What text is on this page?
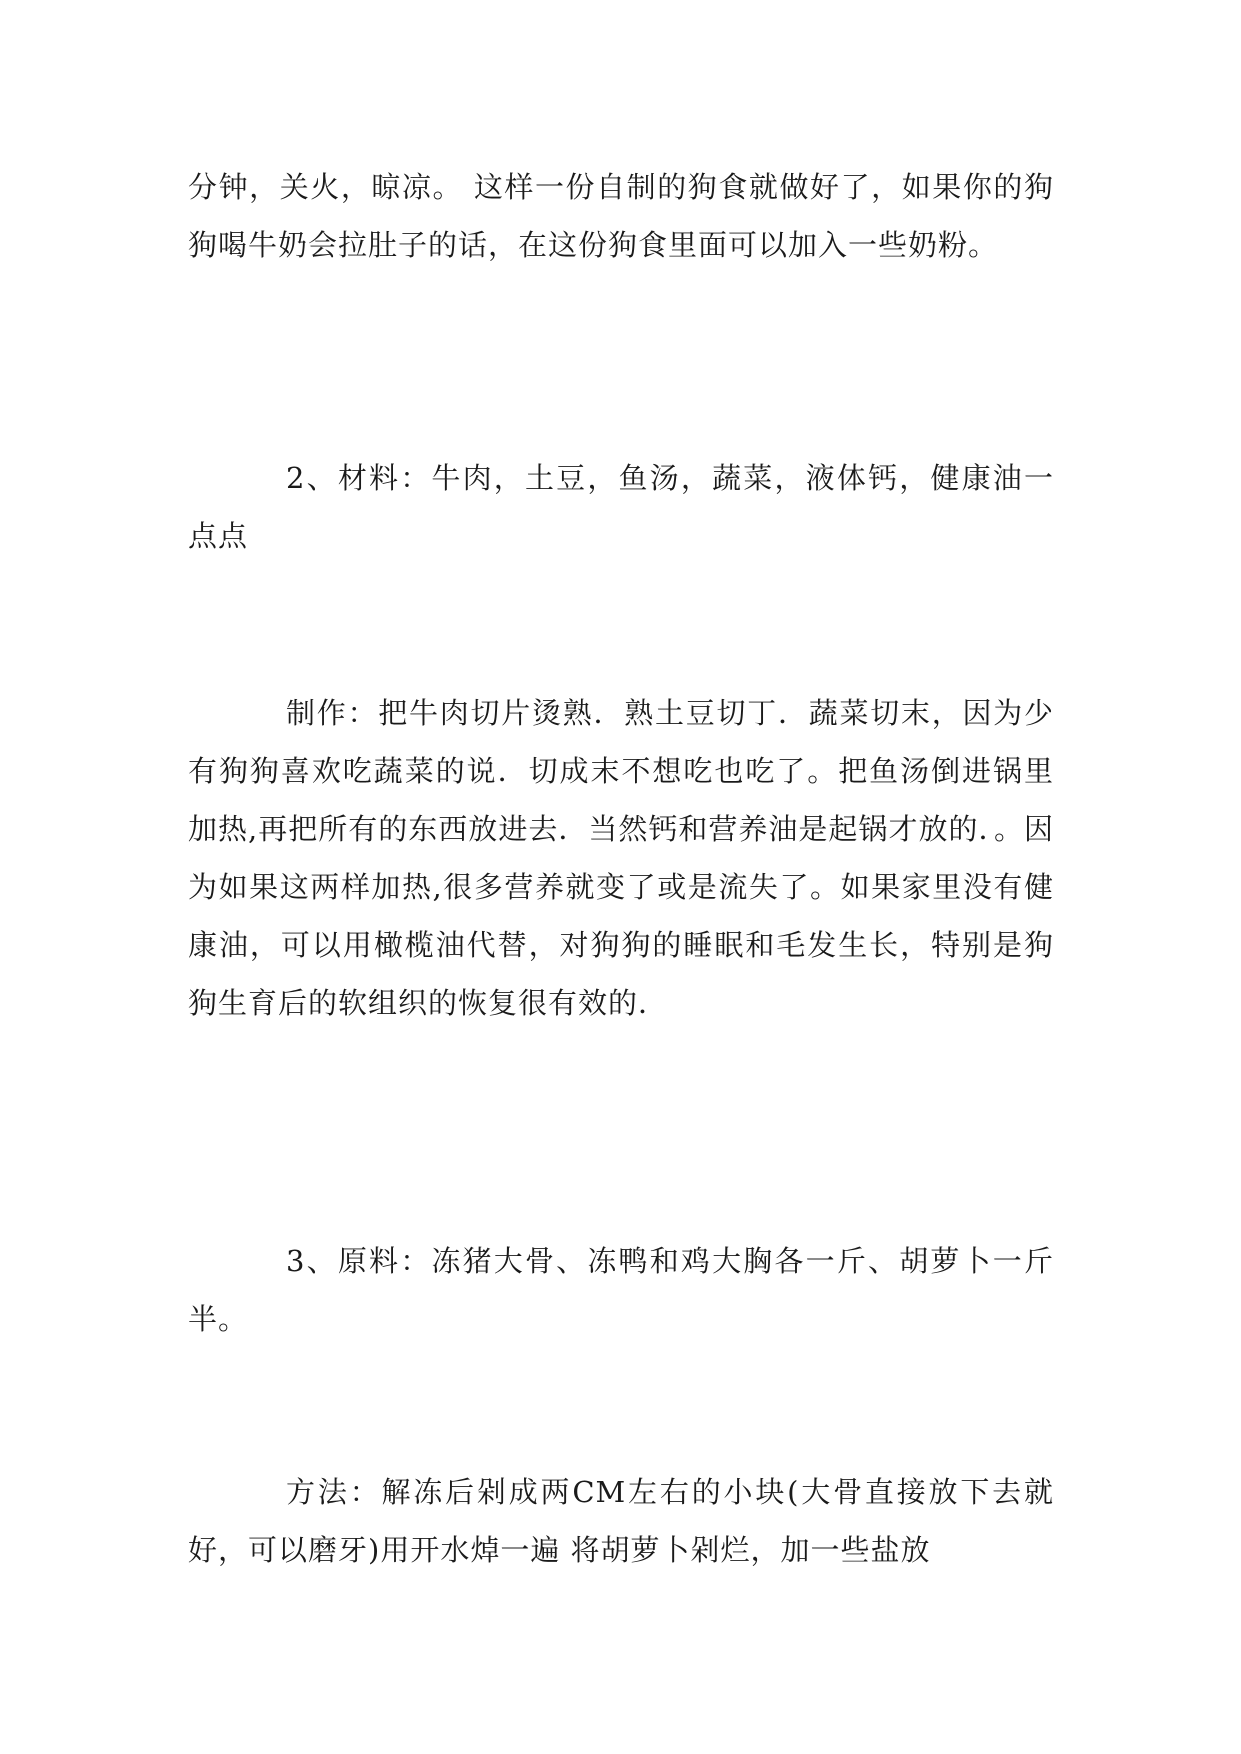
分钟，关火，晾凉。 这样一份自制的狗食就做好了，如果你的狗狗喝牛奶会拉肚子的话，在这份狗食里面可以加入一些奶粉。

2、材料：牛肉，土豆，鱼汤，蔬菜，液体钙，健康油一点点

制作：把牛肉切片烫熟．熟土豆切丁．蔬菜切末，因为少有狗狗喜欢吃蔬菜的说．切成末不想吃也吃了。把鱼汤倒进锅里加热,再把所有的东西放进去．当然钙和营养油是起锅才放的．。因为如果这两样加热,很多营养就变了或是流失了。如果家里没有健康油，可以用橄榄油代替，对狗狗的睡眠和毛发生长，特别是狗狗生育后的软组织的恢复很有效的．

3、原料：冻猪大骨、冻鸭和鸡大胸各一斤、胡萝卜一斤半。

方法：解冻后剁成两CM左右的小块(大骨直接放下去就好，可以磨牙)用开水焯一遍 将胡萝卜剁烂，加一些盐放
